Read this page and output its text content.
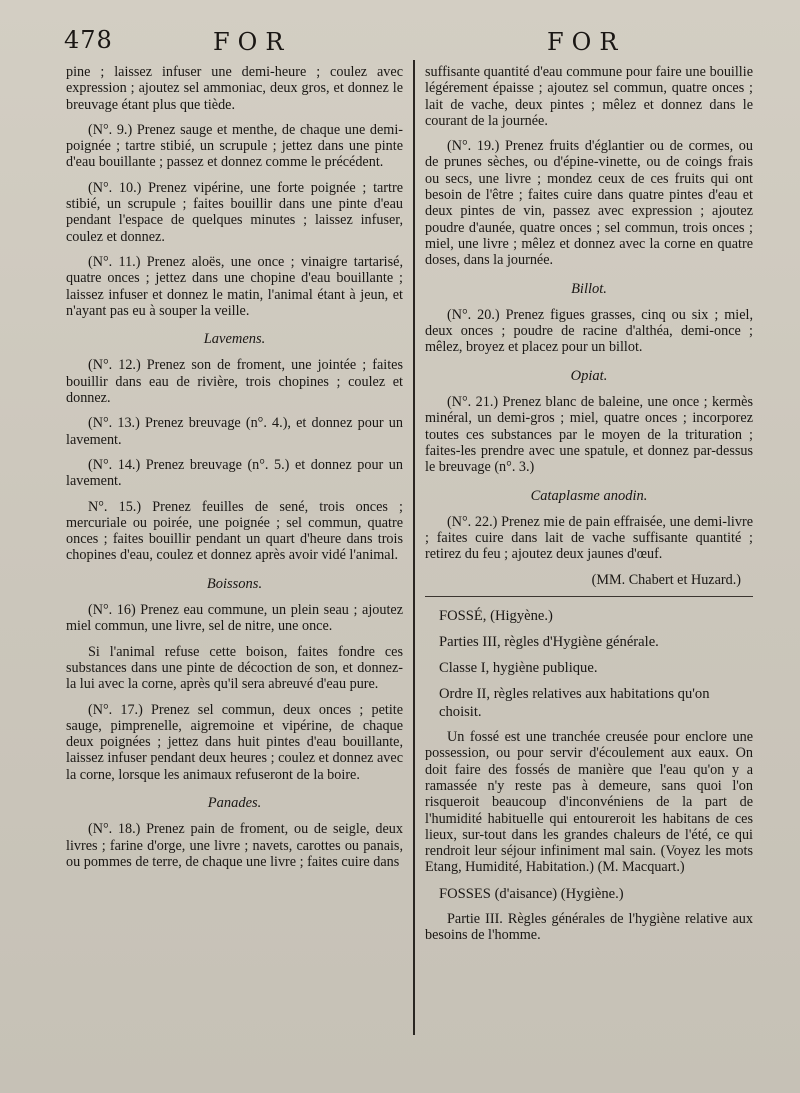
478	FOR	FOR

pine ; laissez infuser une demi-heure ; coulez avec expression ; ajoutez sel ammoniac, deux gros, et donnez le breuvage étant plus que tiède.

(N°. 9.) Prenez sauge et menthe, de chaque une demi-poignée ; tartre stibié, un scrupule ; jettez dans une pinte d'eau bouillante ; passez et donnez comme le précédent.

(N°. 10.) Prenez vipérine, une forte poignée ; tartre stibié, un scrupule ; faites bouillir dans une pinte d'eau pendant l'espace de quelques minutes ; laissez infuser, coulez et donnez.

(N°. 11.) Prenez aloës, une once ; vinaigre tartarisé, quatre onces ; jettez dans une chopine d'eau bouillante ; laissez infuser et donnez le matin, l'animal étant à jeun, et n'ayant pas eu à souper la veille.

Lavemens.

(N°. 12.) Prenez son de froment, une jointée ; faites bouillir dans eau de rivière, trois chopines ; coulez et donnez.

(N°. 13.) Prenez breuvage (n°. 4.), et donnez pour un lavement.

(N°. 14.) Prenez breuvage (n°. 5.) et donnez pour un lavement.

N°. 15.) Prenez feuilles de sené, trois onces ; mercuriale ou poirée, une poignée ; sel commun, quatre onces ; faites bouillir pendant un quart d'heure dans trois chopines d'eau, coulez et donnez après avoir vidé l'animal.

Boissons.

(N°. 16) Prenez eau commune, un plein seau ; ajoutez miel commun, une livre, sel de nitre, une once.

Si l'animal refuse cette boison, faites fondre ces substances dans une pinte de décoction de son, et donnez-la lui avec la corne, après qu'il sera abreuvé d'eau pure.

(N°. 17.) Prenez sel commun, deux onces ; petite sauge, pimprenelle, aigremoine et vipérine, de chaque deux poignées ; jettez dans huit pintes d'eau bouillante, laissez infuser pendant deux heures ; coulez et donnez avec la corne, lorsque les animaux refuseront de la boire.

Panades.

(N°. 18.) Prenez pain de froment, ou de seigle, deux livres ; farine d'orge, une livre ; navets, carottes ou panais, ou pommes de terre, de chaque une livre ; faites cuire dans

suffisante quantité d'eau commune pour faire une bouillie légérement épaisse ; ajoutez sel commun, quatre onces ; lait de vache, deux pintes ; mêlez et donnez dans le courant de la journée.

(N°. 19.) Prenez fruits d'églantier ou de cormes, ou de prunes sèches, ou d'épine-vinette, ou de coings frais ou secs, une livre ; mondez ceux de ces fruits qui ont besoin de l'être ; faites cuire dans quatre pintes d'eau et deux pintes de vin, passez avec expression ; ajoutez poudre d'aunée, quatre onces ; sel commun, trois onces ; miel, une livre ; mêlez et donnez avec la corne en quatre doses, dans la journée.

Billot.

(N°. 20.) Prenez figues grasses, cinq ou six ; miel, deux onces ; poudre de racine d'althéa, demi-once ; mêlez, broyez et placez pour un billot.

Opiat.

(N°. 21.) Prenez blanc de baleine, une once ; kermès minéral, un demi-gros ; miel, quatre onces ; incorporez toutes ces substances par le moyen de la trituration ; faites-les prendre avec une spatule, et donnez par-dessus le breuvage (n°. 3.)

Cataplasme anodin.

(N°. 22.) Prenez mie de pain effraisée, une demi-livre ; faites cuire dans lait de vache suffisante quantité ; retirez du feu ; ajoutez deux jaunes d'œuf.

(MM. Chabert et Huzard.)
FOSSÉ, (Higyène.)
Parties III, règles d'Hygiène générale.
Classe I, hygiène publique.
Ordre II, règles relatives aux habitations qu'on choisit.

Un fossé est une tranchée creusée pour enclore une possession, ou pour servir d'écoulement aux eaux. On doit faire des fossés de manière que l'eau qu'on y a ramassée n'y reste pas à demeure, sans quoi l'on risqueroit beaucoup d'inconvéniens de la part de l'humidité habituelle qui entoureroit les habitans de ces lieux, sur-tout dans les grandes chaleurs de l'été, ce qui rendroit leur séjour infiniment mal sain. (Voyez les mots Etang, Humidité, Habitation.) (M. Macquart.)

FOSSES (d'aisance) (Hygiène.)

Partie III. Règles générales de l'hygiène relative aux besoins de l'homme.
